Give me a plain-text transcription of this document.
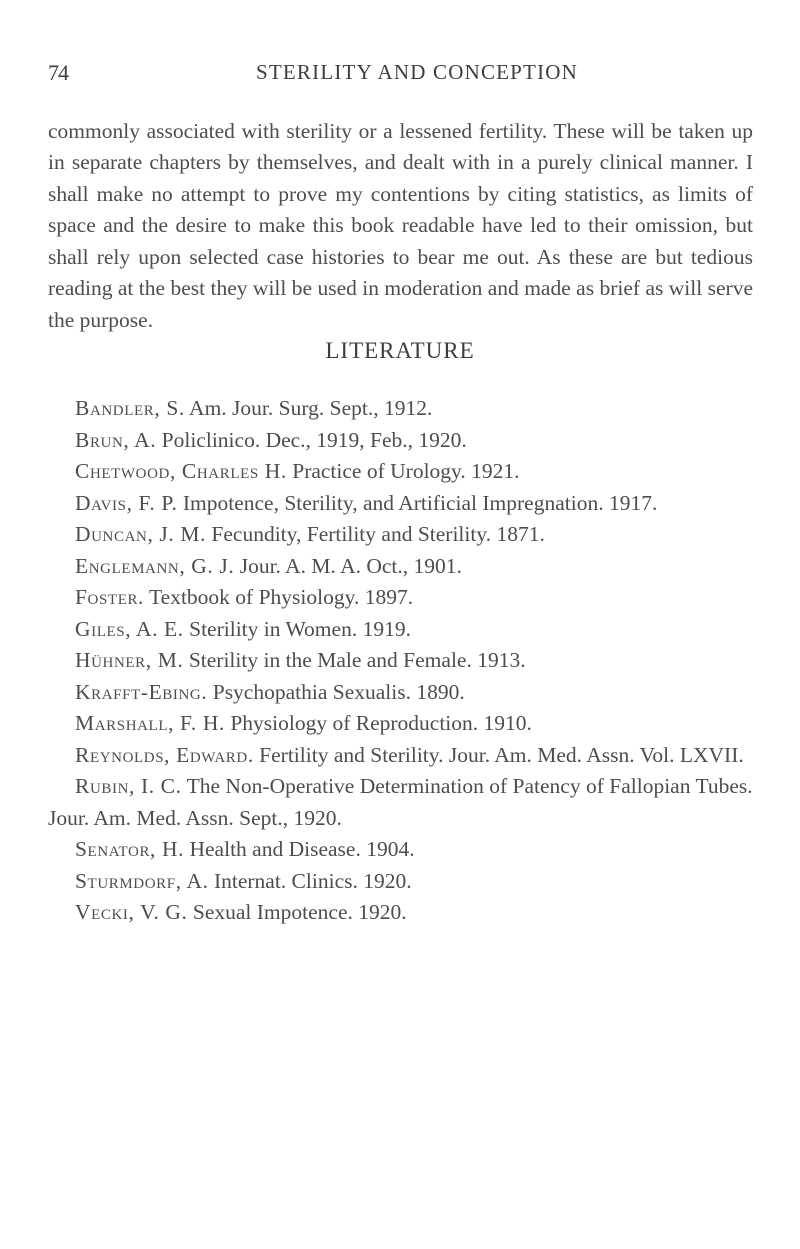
74	STERILITY AND CONCEPTION

commonly associated with sterility or a lessened fertility. These will be taken up in separate chapters by themselves, and dealt with in a purely clinical manner. I shall make no attempt to prove my contentions by citing statistics, as limits of space and the desire to make this book readable have led to their omission, but shall rely upon selected case histories to bear me out. As these are but tedious reading at the best they will be used in moderation and made as brief as will serve the purpose.

LITERATURE

Bandler, S. Am. Jour. Surg. Sept., 1912.

Brun, A. Policlinico. Dec., 1919, Feb., 1920.

Chetwood, Charles H. Practice of Urology. 1921.

Davis, F. P. Impotence, Sterility, and Artificial Impregnation. 1917.

Duncan, J. M. Fecundity, Fertility and Sterility. 1871.

Englemann, G. J. Jour. A. M. A. Oct., 1901.

Foster. Textbook of Physiology. 1897.

Giles, A. E. Sterility in Women. 1919.

Hühner, M. Sterility in the Male and Female. 1913.

Krafft-Ebing. Psychopathia Sexualis. 1890.

Marshall, F. H. Physiology of Reproduction. 1910.

Reynolds, Edward. Fertility and Sterility. Jour. Am. Med. Assn. Vol. LXVII.

Rubin, I. C. The Non-Operative Determination of Patency of Fallopian Tubes. Jour. Am. Med. Assn. Sept., 1920.

Senator, H. Health and Disease. 1904.

Sturmdorf, A. Internat. Clinics. 1920.

Vecki, V. G. Sexual Impotence. 1920.
